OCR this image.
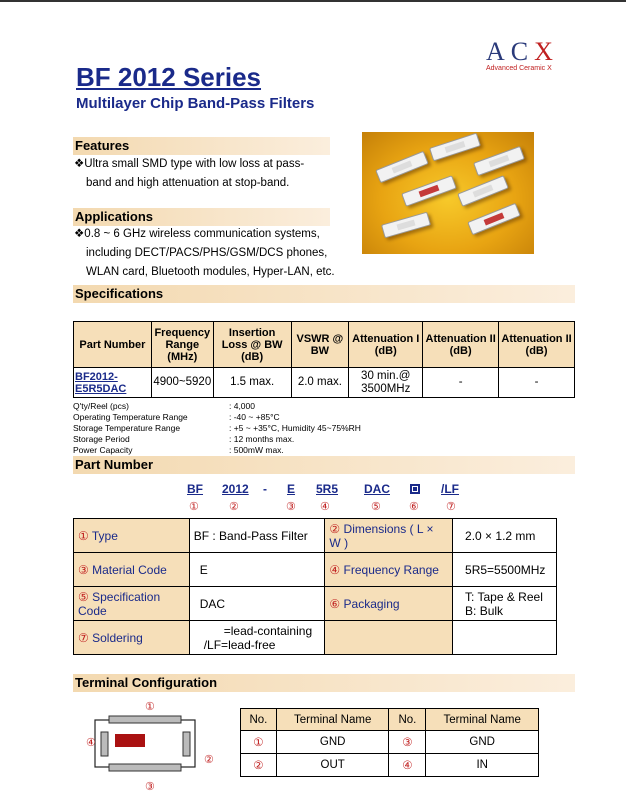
ACX
Advanced Ceramic X
BF 2012 Series
Multilayer Chip Band-Pass Filters
Features
❖Ultra small SMD type with low loss at pass-
band and high attenuation at stop-band.
Applications
❖0.8 ~ 6 GHz wireless communication systems,
including DECT/PACS/PHS/GSM/DCS phones,
WLAN card, Bluetooth modules, Hyper-LAN, etc.
Specifications
Part Number	Frequency Range (MHz)	Insertion Loss @ BW (dB)	VSWR @ BW	Attenuation I (dB)	Attenuation II (dB)	Attenuation II (dB)
BF2012-E5R5DAC	4900~5920	1.5 max.	2.0 max.	30 min.@ 3500MHz	-	-
Q'ty/Reel (pcs)	: 4,000
Operating Temperature Range	: -40 ~ +85°C
Storage Temperature Range	: +5 ~ +35°C, Humidity 45~75%RH
Storage Period	: 12 months max.
Power Capacity	: 500mW max.
Part Number
BF 2012 - E 5R5 DAC	/LF
①	②	③ ④	⑤	⑥ ⑦
① Type	BF : Band-Pass Filter	② Dimensions ( L × W )	2.0 × 1.2 mm
③ Material Code	E	④ Frequency Range	5R5=5500MHz
⑤ Specification Code	DAC	⑥ Packaging	T: Tape & Reel
B: Bulk

⑦ Soldering	=lead-containing
/LF=lead-free		

Terminal Configuration
①
②
③
④
No.	Terminal Name	No.	Terminal Name
①	GND	③	GND
②	OUT	④	IN
